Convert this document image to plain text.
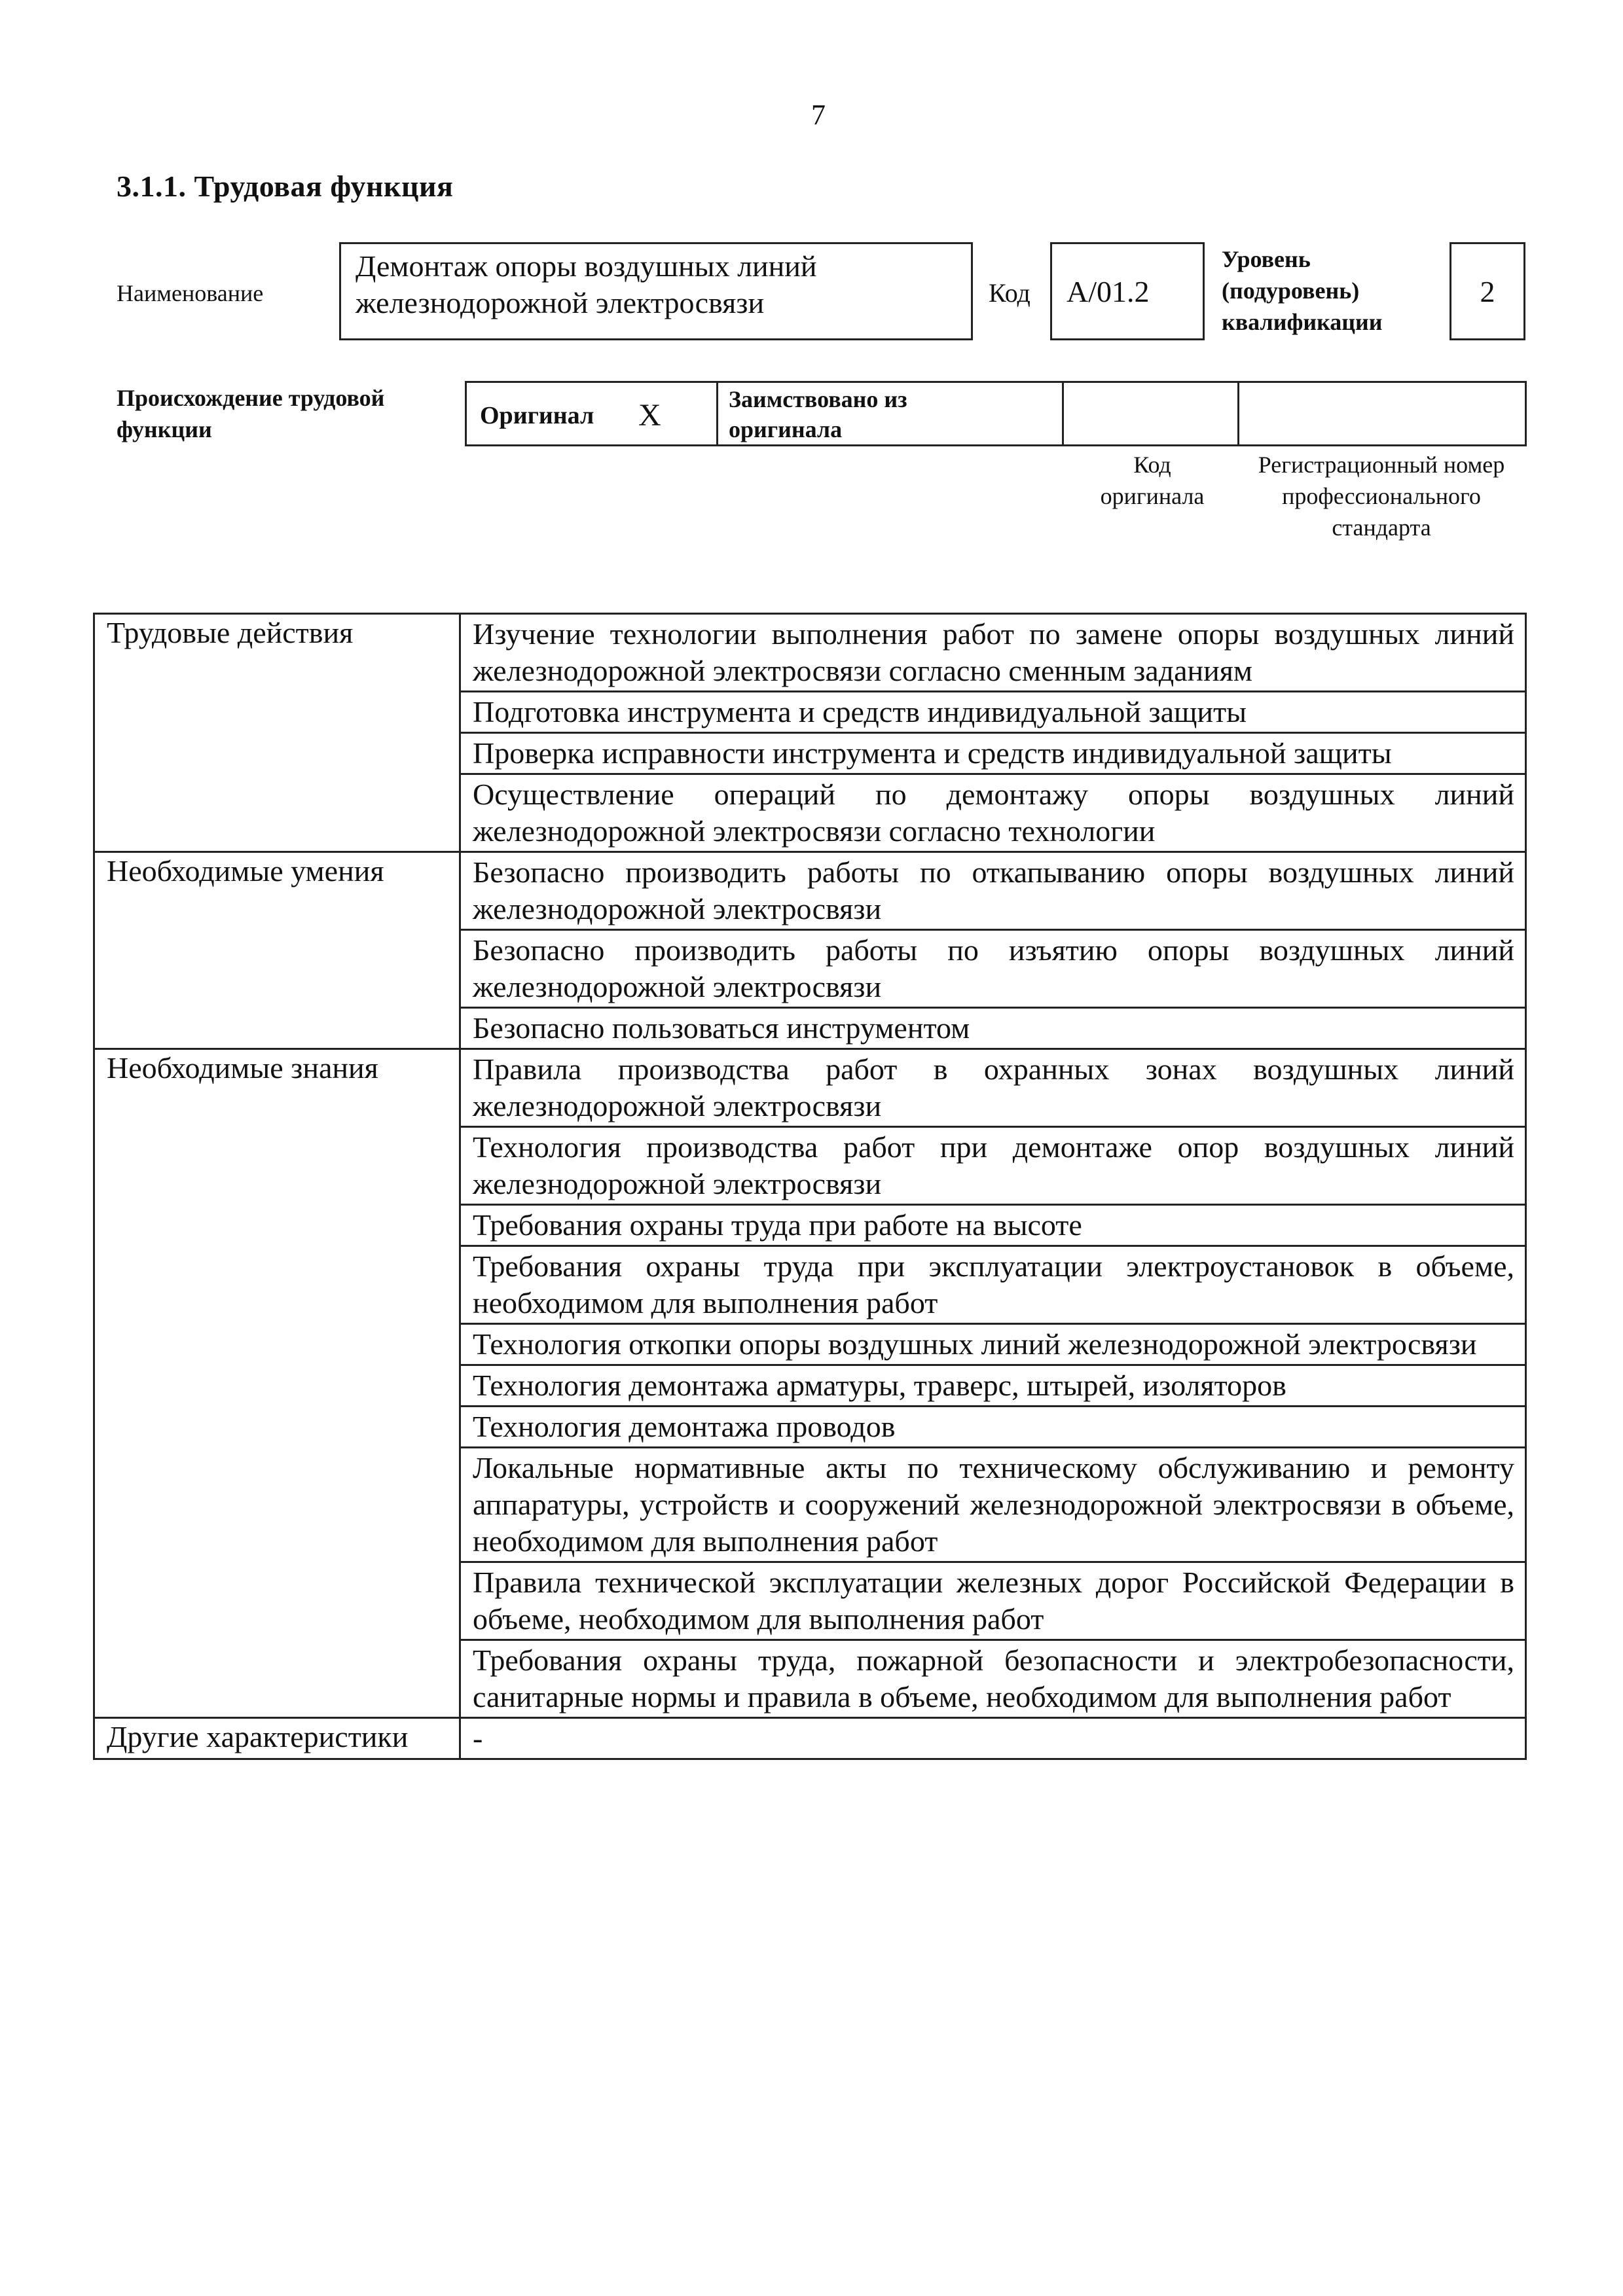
7
3.1.1. Трудовая функция
Наименование
Демонтаж опоры воздушных линий железнодорожной электросвязи	Код	A/01.2
Уровень (подуровень) квалификации
2
Происхождение трудовой функции	Оригинал X	Заимствовано из оригинала
Код оригинала
Регистрационный номер профессионального стандарта
Трудовые действия	Изучение технологии выполнения работ по замене опоры воздушных линий железнодорожной электросвязи согласно сменным заданиям
	Подготовка инструмента и средств индивидуальной защиты
	Проверка исправности инструмента и средств индивидуальной защиты
	Осуществление операций по демонтажу опоры воздушных линий железнодорожной электросвязи согласно технологии
Необходимые умения	Безопасно производить работы по откапыванию опоры воздушных линий железнодорожной электросвязи
	Безопасно производить работы по изъятию опоры воздушных линий железнодорожной электросвязи
	Безопасно пользоваться инструментом
Необходимые знания	Правила производства работ в охранных зонах воздушных линий железнодорожной электросвязи
	Технология производства работ при демонтаже опор воздушных линий железнодорожной электросвязи
	Требования охраны труда при работе на высоте
	Требования охраны труда при эксплуатации электроустановок в объеме, необходимом для выполнения работ
	Технология откопки опоры воздушных линий железнодорожной электросвязи
	Технология демонтажа арматуры, траверс, штырей, изоляторов
	Технология демонтажа проводов
	Локальные нормативные акты по техническому обслуживанию и ремонту аппаратуры, устройств и сооружений железнодорожной электросвязи в объеме, необходимом для выполнения работ
	Правила технической эксплуатации железных дорог Российской Федерации в объеме, необходимом для выполнения работ
	Требования охраны труда, пожарной безопасности и электробезопасности, санитарные нормы и правила в объеме, необходимом для выполнения работ
Другие характеристики	-
